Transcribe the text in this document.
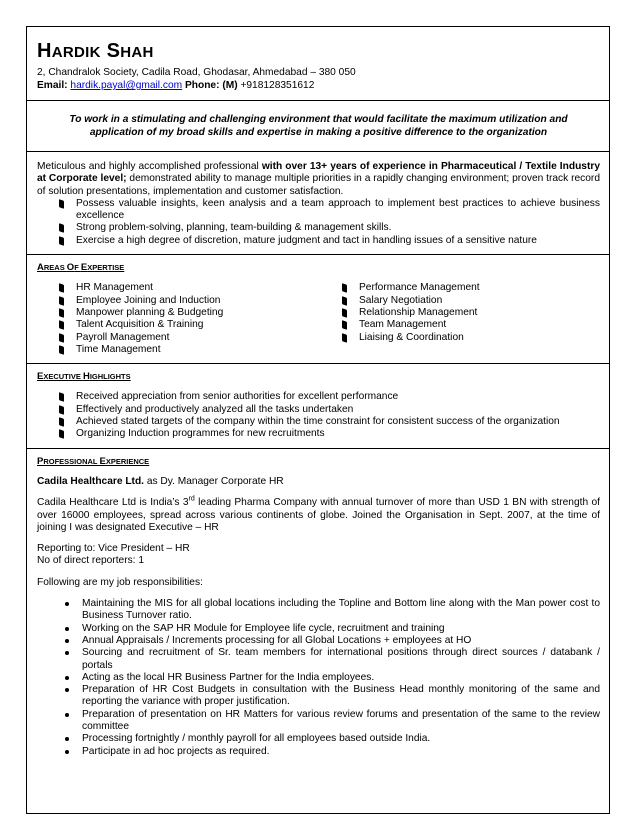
HARDIK SHAH
2, Chandralok Society, Cadila Road, Ghodasar, Ahmedabad – 380 050
Email: hardik.payal@gmail.com Phone: (M) +918128351612
To work in a stimulating and challenging environment that would facilitate the maximum utilization and application of my broad skills and expertise in making a positive difference to the organization
Meticulous and highly accomplished professional with over 13+ years of experience in Pharmaceutical / Textile Industry at Corporate level; demonstrated ability to manage multiple priorities in a rapidly changing environment; proven track record of solution presentations, implementation and customer satisfaction.
Possess valuable insights, keen analysis and a team approach to implement best practices to achieve business excellence
Strong problem-solving, planning, team-building & management skills.
Exercise a high degree of discretion, mature judgment and tact in handling issues of a sensitive nature
AREAS OF EXPERTISE
HR Management
Employee Joining and Induction
Manpower planning & Budgeting
Talent Acquisition & Training
Payroll Management
Time Management
Performance Management
Salary Negotiation
Relationship Management
Team Management
Liaising & Coordination
EXECUTIVE HIGHLIGHTS
Received appreciation from senior authorities for excellent performance
Effectively and productively analyzed all the tasks undertaken
Achieved stated targets of the company within the time constraint for consistent success of the organization
Organizing Induction programmes for new recruitments
PROFESSIONAL EXPERIENCE
Cadila Healthcare Ltd. as Dy. Manager Corporate HR
Cadila Healthcare Ltd is India’s 3rd leading Pharma Company with annual turnover of more than USD 1 BN with strength of over 16000 employees, spread across various continents of globe. Joined the Organisation in Sept. 2007, at the time of joining I was designated Executive – HR
Reporting to: Vice President – HR
No of direct reporters: 1
Following are my job responsibilities:
Maintaining the MIS for all global locations including the Topline and Bottom line along with the Man power cost to Business Turnover ratio.
Working on the SAP HR Module for Employee life cycle, recruitment and training
Annual Appraisals / Increments processing for all Global Locations + employees at HO
Sourcing and recruitment of Sr. team members for international positions through direct sources / databank / portals
Acting as the local HR Business Partner for the India employees.
Preparation of HR Cost Budgets in consultation with the Business Head monthly monitoring of the same and reporting the variance with proper justification.
Preparation of presentation on HR Matters for various review forums and presentation of the same to the review committee
Processing fortnightly / monthly payroll for all employees based outside India.
Participate in ad hoc projects as required.
